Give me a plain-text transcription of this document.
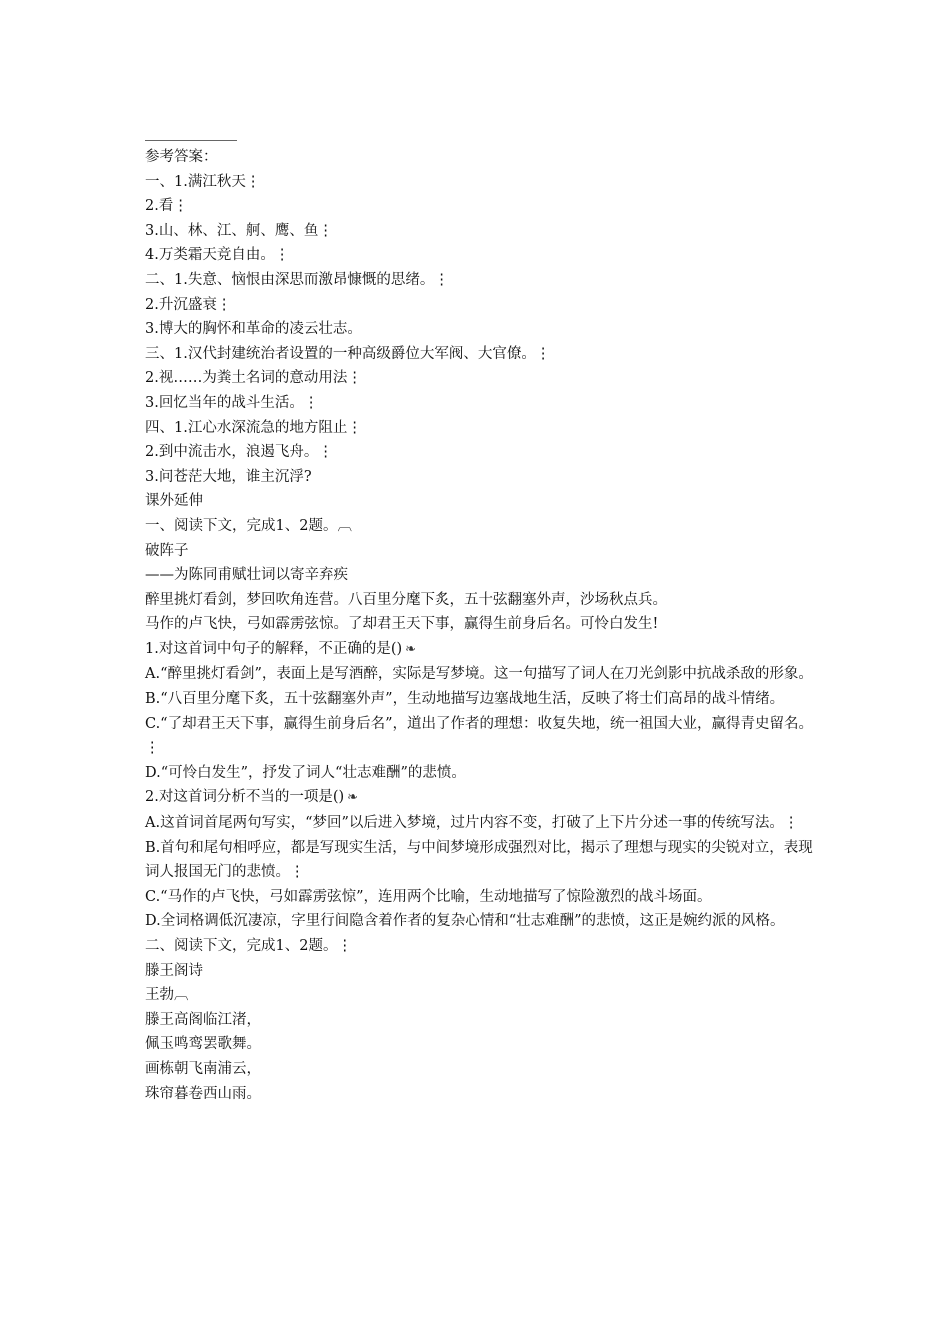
参考答案：
一、1.满江秋天⋮
2.看⋮
3.山、林、江、舸、鹰、鱼⋮
4.万类霜天竞自由。⋮
二、1.失意、恼恨由深思而激昂慷慨的思绪。⋮
2.升沉盛衰⋮
3.博大的胸怀和革命的凌云壮志。
三、1.汉代封建统治者设置的一种高级爵位大军阀、大官僚。⋮
2.视……为粪土名词的意动用法⋮
3.回忆当年的战斗生活。⋮
四、1.江心水深流急的地方阻止⋮
2.到中流击水，浪遏飞舟。⋮
3.问苍茫大地，谁主沉浮?
课外延伸
一、阅读下文，完成1、2题。︹
破阵子
——为陈同甫赋壮词以寄辛弃疾
醉里挑灯看剑，梦回吹角连营。八百里分麾下炙，五十弦翻塞外声，沙场秋点兵。
马作的卢飞快，弓如霹雳弦惊。了却君王天下事，赢得生前身后名。可怜白发生!
1.对这首词中句子的解释，不正确的是() ❧
A.“醉里挑灯看剑”，表面上是写酒醉，实际是写梦境。这一句描写了词人在刀光剑影中抗战杀敌的形象。
B.“八百里分麾下炙，五十弦翻塞外声”，生动地描写边塞战地生活，反映了将士们高昂的战斗情绪。
C.“了却君王天下事，赢得生前身后名”，道出了作者的理想：收复失地，统一祖国大业，赢得青史留名。⋮
D.“可怜白发生”，抒发了词人“壮志难酬”的悲愤。
2.对这首词分析不当的一项是() ❧
A.这首词首尾两句写实，“梦回”以后进入梦境，过片内容不变，打破了上下片分述一事的传统写法。⋮
B.首句和尾句相呼应，都是写现实生活，与中间梦境形成强烈对比，揭示了理想与现实的尖锐对立，表现词人报国无门的悲愤。⋮
C.“马作的卢飞快，弓如霹雳弦惊”，连用两个比喻，生动地描写了惊险激烈的战斗场面。
D.全词格调低沉凄凉，字里行间隐含着作者的复杂心情和“壮志难酬”的悲愤，这正是婉约派的风格。
二、阅读下文，完成1、2题。⋮
滕王阁诗
王勃︹
滕王高阁临江渚，
佩玉鸣鸾罢歌舞。
画栋朝飞南浦云，
珠帘暮卷西山雨。
